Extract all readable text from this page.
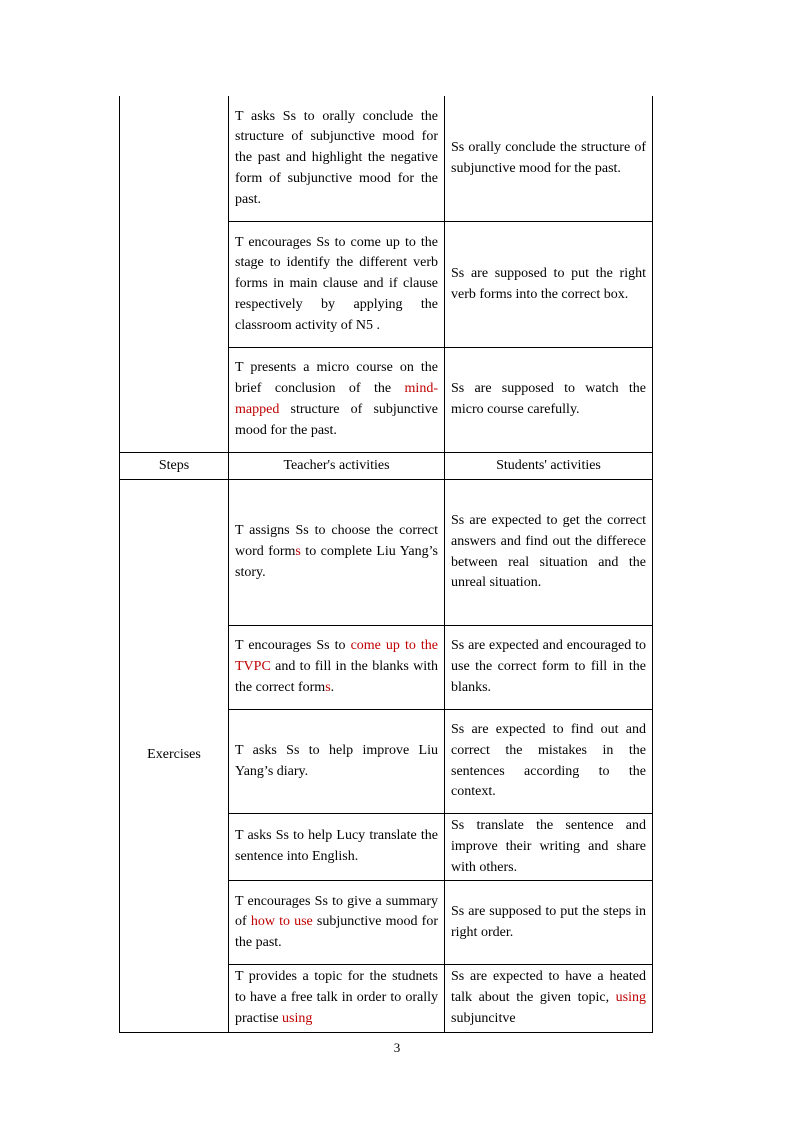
	T asks Ss to orally conclude the structure of subjunctive mood for the past and highlight the negative form of subjunctive mood for the past.	Ss orally conclude the structure of subjunctive mood for the past.
	T encourages Ss to come up to the stage to identify the different verb forms in main clause and if clause respectively by applying the classroom activity of N5 .	Ss are supposed to put the right verb forms into the correct box.
	T presents a micro course on the brief conclusion of the mind-mapped structure of subjunctive mood for the past.	Ss are supposed to watch the micro course carefully.
Steps	Teacher's activities	Students' activities
Exercises	T assigns Ss to choose the correct word forms to complete Liu Yang’s story.	Ss are expected to get the correct answers and find out the differece between real situation and the unreal situation.
	T encourages Ss to come up to the TVPC and to fill in the blanks with the correct forms.	Ss are expected and encouraged to use the correct form to fill in the blanks.
	T asks Ss to help improve Liu Yang’s diary.	Ss are expected to find out and correct the mistakes in the sentences according to the context.
	T asks Ss to help Lucy translate the sentence into English.	Ss translate the sentence and improve their writing and share with others.
	T encourages Ss to give a summary of how to use subjunctive mood for the past.	Ss are supposed to put the steps in right order.
	T provides a topic for the studnets to have a free talk in order to orally practise using	Ss are expected to have a heated talk about the given topic, using subjuncitve
3
